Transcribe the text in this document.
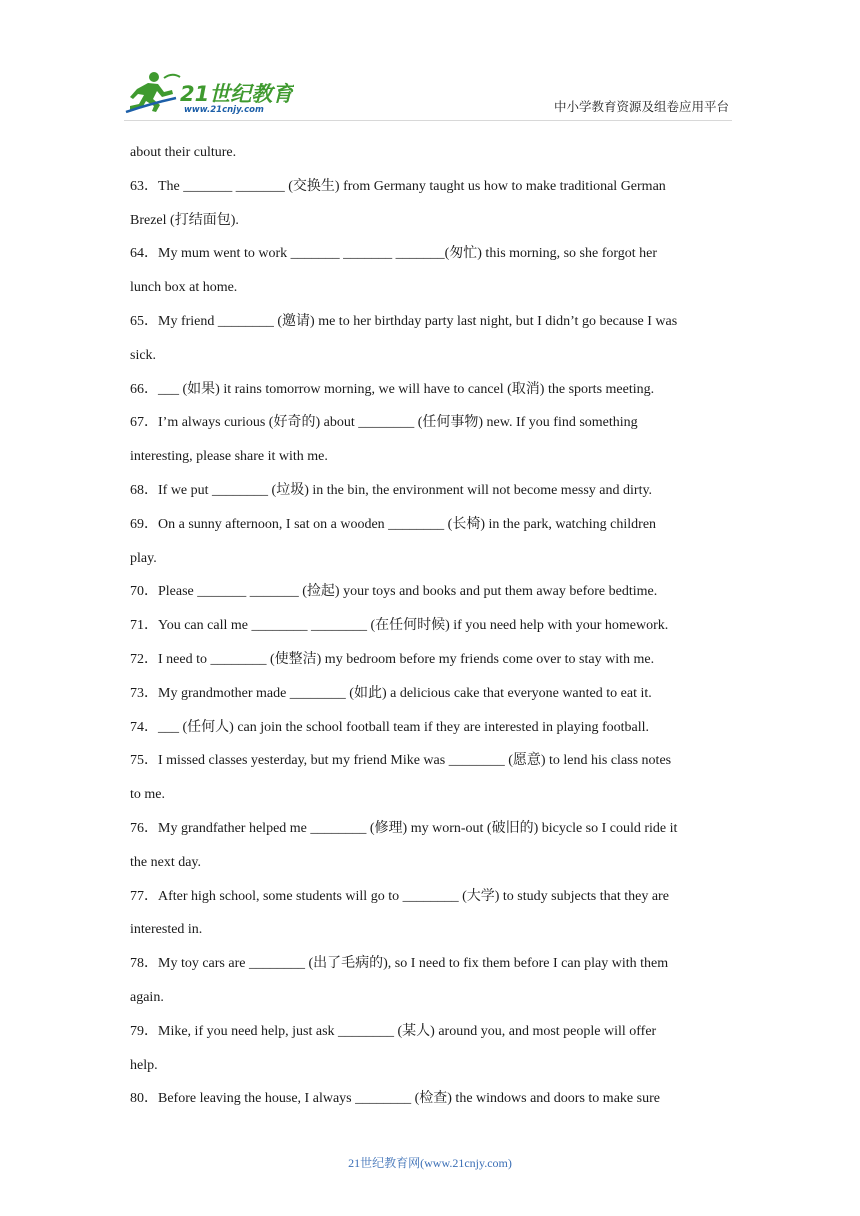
21世纪教育
www.21cnjy.com	中小学教育资源及组卷应用平台
about their culture.
63．The _______ _______ (交换生) from Germany taught us how to make traditional German
Brezel (打结面包).
64．My mum went to work _______ _______ _______(匆忙) this morning, so she forgot her
lunch box at home.
65．My friend ________ (邀请) me to her birthday party last night, but I didn’t go because I was
sick.
66．___ (如果) it rains tomorrow morning, we will have to cancel (取消) the sports meeting.
67．I’m always curious (好奇的) about ________ (任何事物) new. If you find something
interesting, please share it with me.
68．If we put ________ (垃圾) in the bin, the environment will not become messy and dirty.
69．On a sunny afternoon, I sat on a wooden ________ (长椅) in the park, watching children
play.
70．Please _______ _______ (捡起) your toys and books and put them away before bedtime.
71．You can call me ________ ________ (在任何时候) if you need help with your homework.
72．I need to ________ (使整洁) my bedroom before my friends come over to stay with me.
73．My grandmother made ________ (如此) a delicious cake that everyone wanted to eat it.
74．___ (任何人) can join the school football team if they are interested in playing football.
75．I missed classes yesterday, but my friend Mike was ________ (愿意) to lend his class notes
to me.
76．My grandfather helped me ________ (修理) my worn-out (破旧的) bicycle so I could ride it
the next day.
77．After high school, some students will go to ________ (大学) to study subjects that they are
interested in.
78．My toy cars are ________ (出了毛病的), so I need to fix them before I can play with them
again.
79．Mike, if you need help, just ask ________ (某人) around you, and most people will offer
help.
80．Before leaving the house, I always ________ (检查) the windows and doors to make sure
21世纪教育网(www.21cnjy.com)
